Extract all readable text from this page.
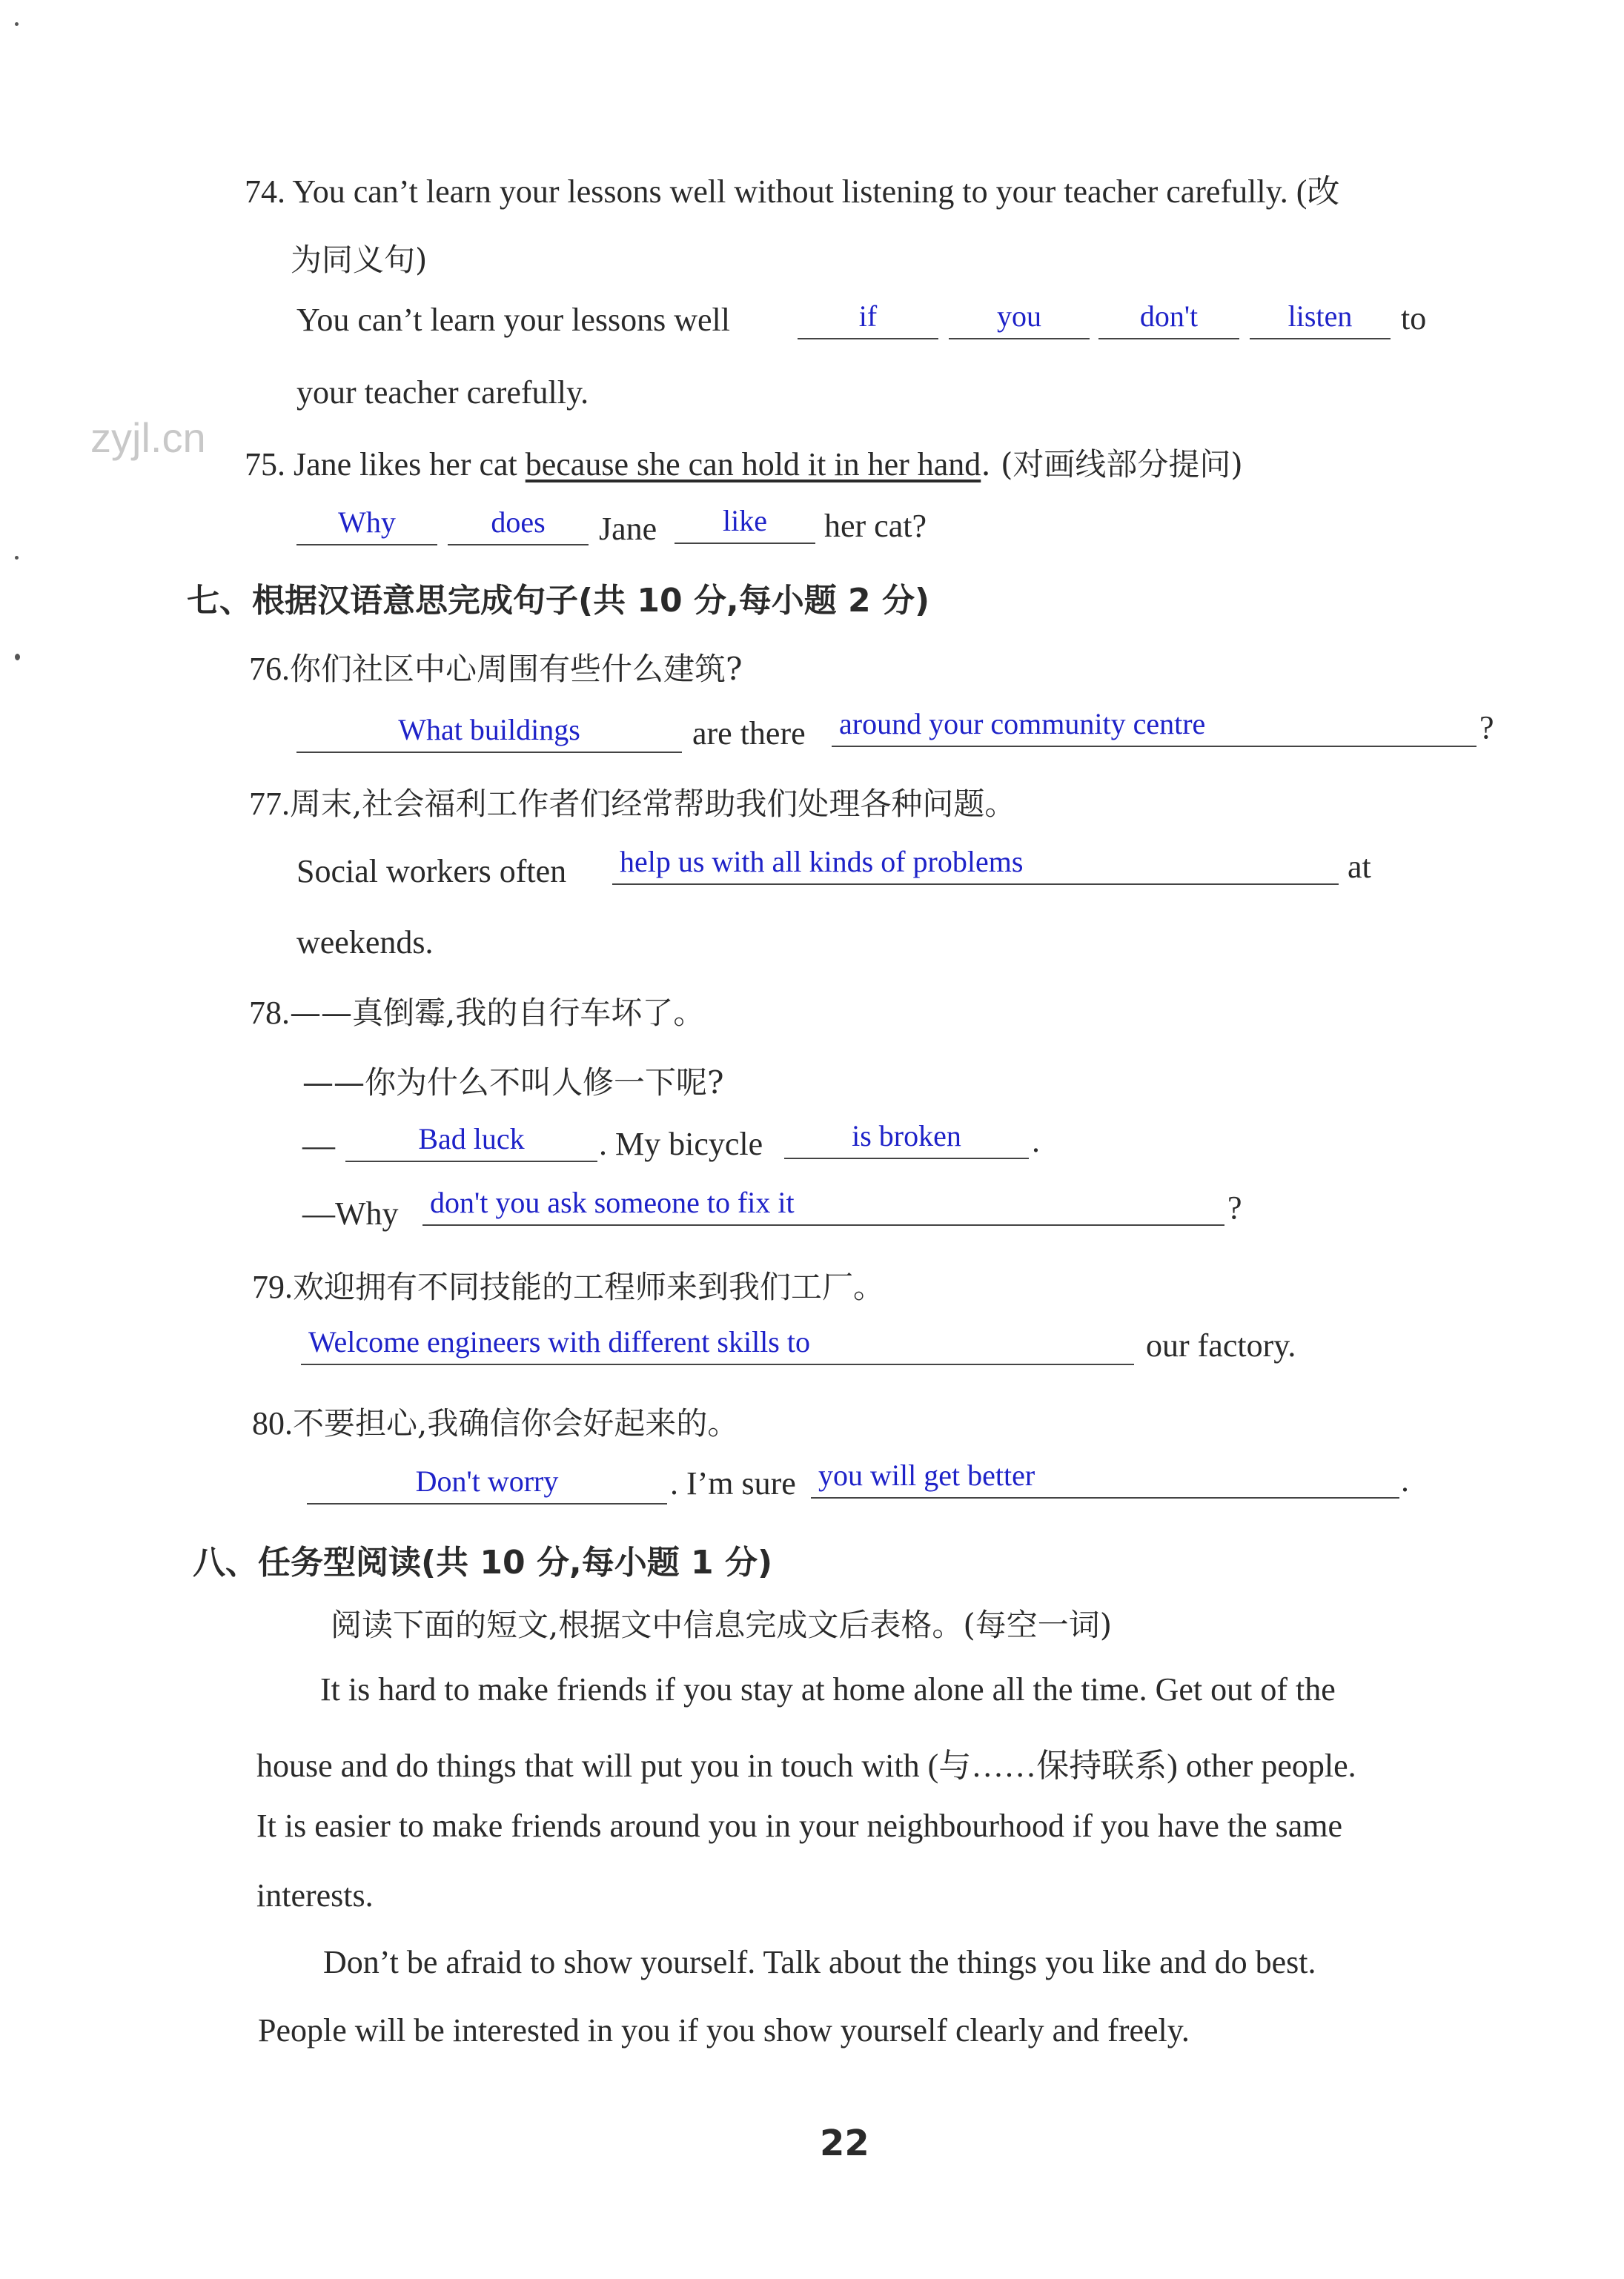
74. You can’t learn your lessons well without listening to your teacher carefully. (改
为同义句)
You can’t learn your lessons well	if	you	don't	listen	to
your teacher carefully.
zyjl.cn
75. Jane likes her cat because she can hold it in her hand. (对画线部分提问)
Why	does	Jane	like	her cat?
七、根据汉语意思完成句子(共 10 分,每小题 2 分)
76.你们社区中心周围有些什么建筑?
What buildings	are there around your community centre	?
77.周末,社会福利工作者们经常帮助我们处理各种问题。
Social workers often help us with all kinds of problems	at
weekends.
78.——真倒霉,我的自行车坏了。
——你为什么不叫人修一下呢?
—	Bad luck	. My bicycle	is broken	.
—Why don't you ask someone to fix it	?
79.欢迎拥有不同技能的工程师来到我们工厂。
Welcome engineers with different skills to	our factory.
80.不要担心,我确信你会好起来的。
Don't worry	. I’m sure you will get better	.
八、任务型阅读(共 10 分,每小题 1 分)
阅读下面的短文,根据文中信息完成文后表格。(每空一词)
It is hard to make friends if you stay at home alone all the time. Get out of the
house and do things that will put you in touch with (与……保持联系) other people.
It is easier to make friends around you in your neighbourhood if you have the same
interests.
Don’t be afraid to show yourself. Talk about the things you like and do best.
People will be interested in you if you show yourself clearly and freely.
22
